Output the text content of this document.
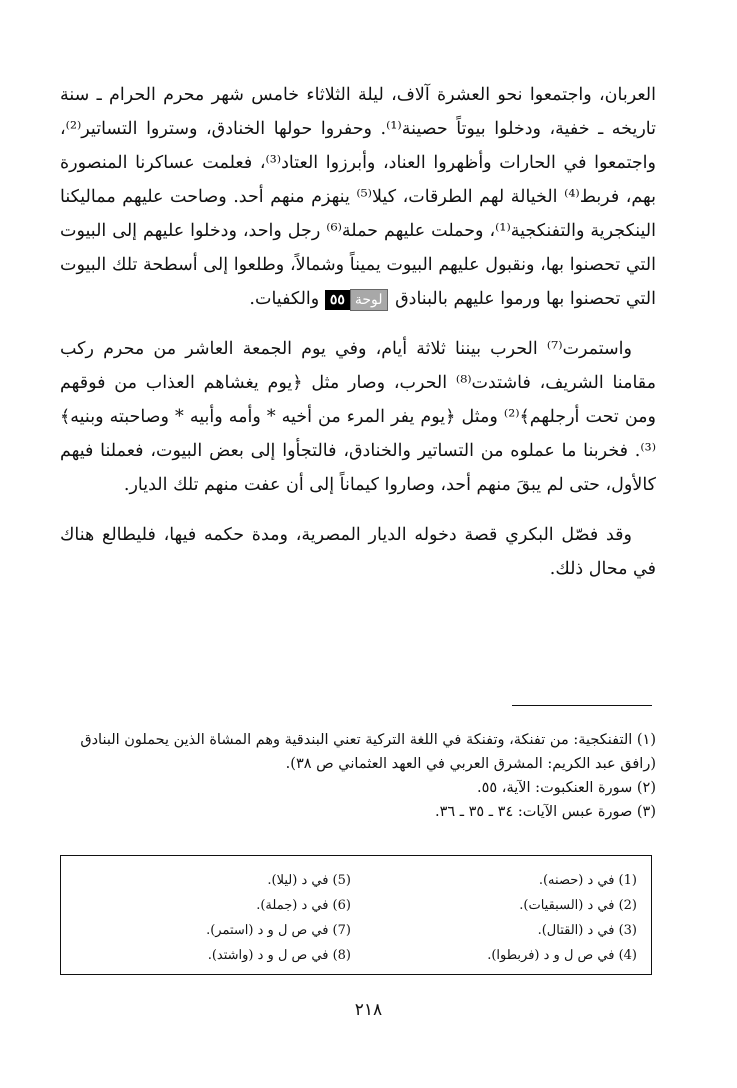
العربان، واجتمعوا نحو العشرة آلاف، ليلة الثلاثاء خامس شهر محرم الحرام ـ سنة تاريخه ـ خفية، ودخلوا بيوتاً حصينة⁽¹⁾. وحفروا حولها الخنادق، وستروا التساتير⁽²⁾، واجتمعوا في الحارات وأظهروا العناد، وأبرزوا العتاد⁽³⁾، فعلمت عساكرنا المنصورة بهم، فربط⁽⁴⁾ الخيالة لهم الطرقات، كيلا⁽⁵⁾ ينهزم منهم أحد. وصاحت عليهم مماليكنا الينكجرية والتفنكجية⁽¹⁾، وحملت عليهم حملة⁽⁶⁾ رجل واحد، ودخلوا عليهم إلى البيوت التي تحصنوا بها، ونقبول عليهم البيوت يميناً وشمالاً، وطلعوا إلى أسطحة تلك البيوت التي تحصنوا بها ورموا عليهم بالبنادق لوحة٥٥ والكفيات.

واستمرت⁽⁷⁾ الحرب بيننا ثلاثة أيام، وفي يوم الجمعة العاشر من محرم ركب مقامنا الشريف، فاشتدت⁽⁸⁾ الحرب، وصار مثل ﴿يوم يغشاهم العذاب من فوقهم ومن تحت أرجلهم﴾⁽²⁾ ومثل ﴿يوم يفر المرء من أخيه * وأمه وأبيه * وصاحبته وبنيه﴾⁽³⁾. فخربنا ما عملوه من التساتير والخنادق، فالتجأوا إلى بعض البيوت، فعملنا فيهم كالأول، حتى لم يبقَ منهم أحد، وصاروا كيماناً إلى أن عفت منهم تلك الديار.

وقد فصّل البكري قصة دخوله الديار المصرية، ومدة حكمه فيها، فليطالع هناك في محال ذلك.

(١) التفنكجية: من تفنكة، وتفنكة في اللغة التركية تعني البندقية وهم المشاة الذين يحملون البنادق (رافق عبد الكريم: المشرق العربي في العهد العثماني ص ٣٨).

(٢) سورة العنكبوت: الآية، ٥٥.

(٣) صورة عبس الآيات: ٣٤ ـ ٣٥ ـ ٣٦.

(1) في د (حصنه).
(2) في د (السبقيات).
(3) في د (القتال).
(4) في ص ل و د (فربطوا).
(5) في د (ليلا).
(6) في د (جملة).
(7) في ص ل و د (استمر).
(8) في ص ل و د (واشتد).
٢١٨
